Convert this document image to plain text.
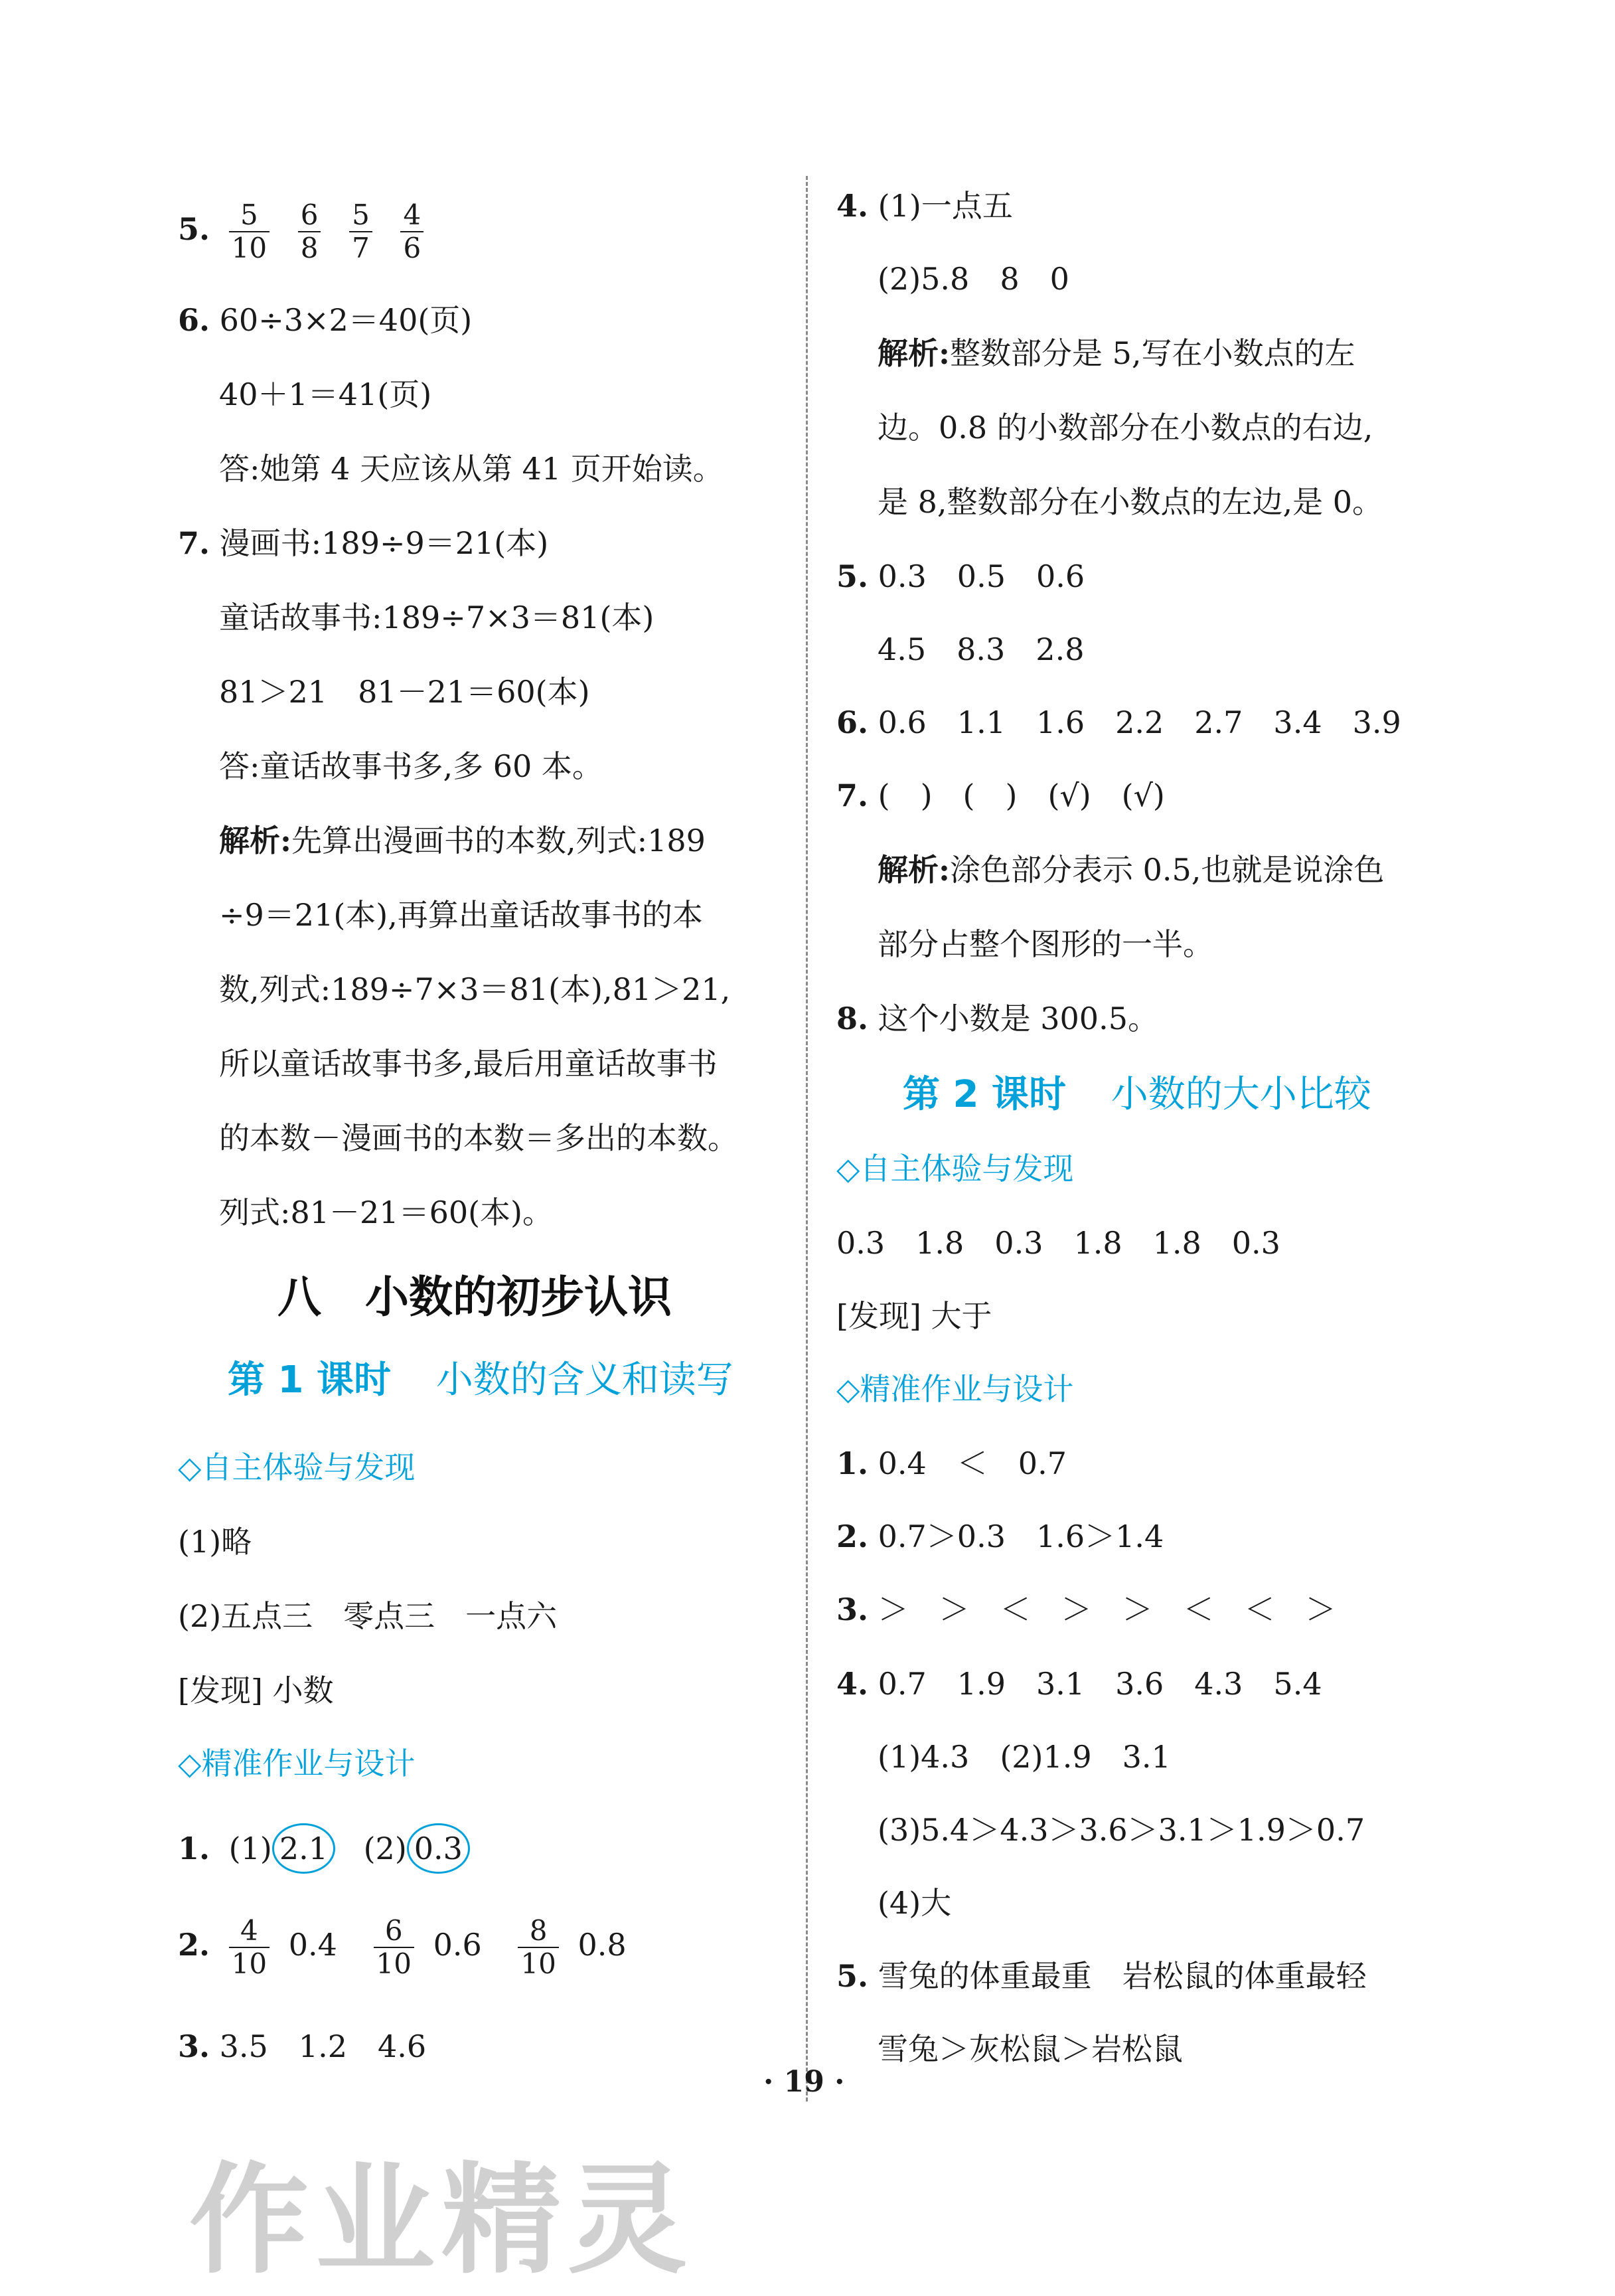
5. $\frac{5}{10}$
$\frac{6}{8}$
$\frac{5}{7}$
$\frac{4}{6}$
6. 60÷3×2＝40(页)
40＋1＝41(页)
答:她第 4 天应该从第 41 页开始读。
7. 漫画书:189÷9＝21(本)
童话故事书:189÷7×3＝81(本)
81＞21　81－21＝60(本)
答:童话故事书多,多 60 本。
解析:先算出漫画书的本数,列式:189
÷9＝21(本),再算出童话故事书的本
数,列式:189÷7×3＝81(本),81＞21,
所以童话故事书多,最后用童话故事书
的本数－漫画书的本数＝多出的本数。
列式:81－21＝60(本)。
八　小数的初步认识
第 1 课时 小数的含义和读写
◇自主体验与发现
(1)略
(2)五点三　零点三　一点六
[发现] 小数
◇精准作业与设计
1. (1) 2.1 (2) 0.3
2. $\frac{4}{10} 0.4 \frac{6}{10} 0.6 \frac{8}{10} 0.8$
3. 3.5　1.2　4.6
4. (1)一点五
(2)5.8　8　0
解析:整数部分是 5,写在小数点的左
边。0.8 的小数部分在小数点的右边,
是 8,整数部分在小数点的左边,是 0。
5. 0.3　0.5　0.6
4.5　8.3　2.8
6. 0.6　1.1　1.6　2.2　2.7　3.4　3.9
7. (　)　(　)　(√)　(√)
解析:涂色部分表示 0.5,也就是说涂色
部分占整个图形的一半。
8. 这个小数是 300.5。
第 2 课时 小数的大小比较
◇自主体验与发现
0.3　1.8　0.3　1.8　1.8　0.3
[发现] 大于
◇精准作业与设计
1. 0.4　＜　0.7
2. 0.7＞0.3　1.6＞1.4
3. ＞　＞　＜　＞　＞　＜　＜　＞
4. 0.7　1.9　3.1　3.6　4.3　5.4
(1)4.3　(2)1.9　3.1
(3)5.4＞4.3＞3.6＞3.1＞1.9＞0.7
(4)大
5. 雪兔的体重最重　岩松鼠的体重最轻
雪兔＞灰松鼠＞岩松鼠
· 19 ·
作业精灵
